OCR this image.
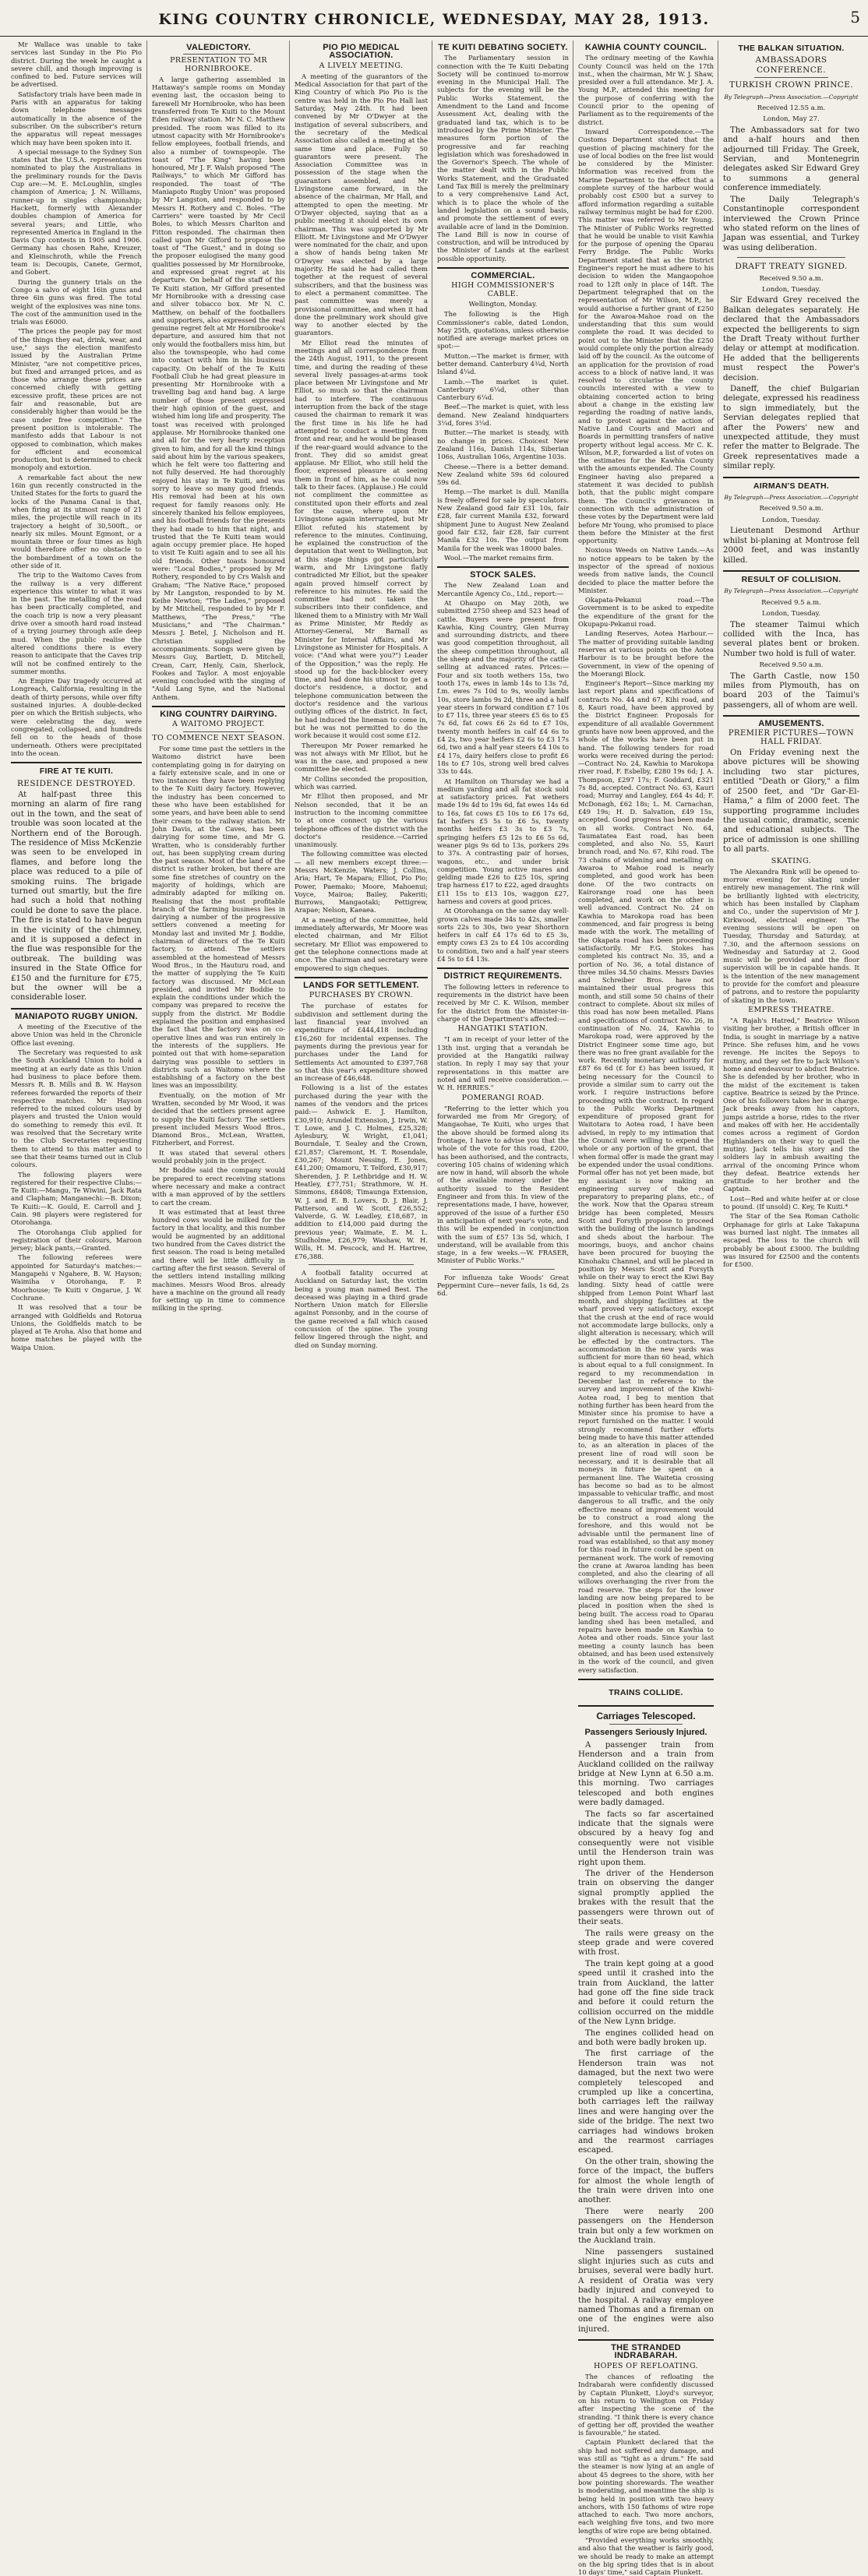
KING COUNTRY CHRONICLE, WEDNESDAY, MAY 28, 1913.	5

Mr Wallace was unable to take services last Sunday in the Pio Pio district. During the week he caught a severe chill, and though improving is confined to bed. Future services will be advertised.

Satisfactory trials have been made in Paris with an apparatus for taking down telephone messages automatically in the absence of the subscriber. On the subscriber's return the apparatus will repeat messages which may have been spoken into it.

A special message to the Sydney Sun states that the U.S.A. representatives nominated to play the Australians in the preliminary rounds for the Davis Cup are:—M. E. McLoughlin, singles champion of America; J. N. Williams, runner-up in singles championship; Hackett, formerly with Alexander doubles champion of America for several years; and Little, who represented America in England in the Davis Cup contests in 1905 and 1906. Germany has chosen Rahe, Kreuzer, and Kleinschroth, while the French team is: Decoupis, Canete, Germot, and Gobert.

During the gunnery trials on the Congo a salvo of eight 16in guns and three 6in guns was fired. The total weight of the explosives was nine tons. The cost of the ammunition used in the trials was £6000.

"The prices the people pay for most of the things they eat, drink, wear, and use," says the election manifesto issued by the Australian Prime Minister, "are not competitive prices, but fixed and arranged prices, and as those who arrange these prices are concerned chiefly with getting excessive profit, these prices are not fair and reasonable, but are considerably higher than would be the case under free competition." The present position is intolerable. The manifesto adds that Labour is not opposed to combination, which makes for efficient and economical production, but is determined to check monopoly and extortion.

A remarkable fact about the new 16in gun recently constructed in the United States for the forts to guard the locks of the Panama Canal is that, when firing at its utmost range of 21 miles, the projectile will reach in its trajectory a height of 30,500ft., or nearly six miles. Mount Egmont, or a mountain three or four times as high would therefore offer no obstacle to the bombardment of a town on the other side of it.

The trip to the Waitomo Caves from the railway is a very different experience this winter to what it was in the past. The metalling of the road has been practically completed, and the coach trip is now a very pleasant drive over a smooth hard road instead of a trying journey through axle deep mud. When the public realise the altered conditions there is every reason to anticipate that the Caves trip will not be confined entirely to the summer months.

An Empire Day tragedy occurred at Longreach, California, resulting in the death of thirty persons, while over fifty sustained injuries. A double-decked pier on which the British subjects, who were celebrating the day, were congregated, collapsed, and hundreds fell on to the heads of those underneath. Others were precipitated into the ocean.

FIRE AT TE KUITI.
RESIDENCE DESTROYED.

At half-past three this morning an alarm of fire rang out in the town, and the seat of trouble was soon located at the Northern end of the Borough. The residence of Miss McKenzie was seen to be enveloped in flames, and before long the place was reduced to a pile of smoking ruins. The brigade turned out smartly, but the fire had such a hold that nothing could be done to save the place. The fire is stated to have begun in the vicinity of the chimney, and it is supposed a defect in the flue was responsible for the outbreak. The building was insured in the State Office for £150 and the furniture for £75, but the owner will be a considerable loser.

MANIAPOTO RUGBY UNION.

A meeting of the Executive of the above Union was held in the Chronicle Office last evening.

The Secretary was requested to ask the South Auckland Union to hold a meeting at an early date as this Union had business to place before them. Messrs R. B. Mills and B. W. Hayson referees forwarded the reports of their respective matches. Mr Hayson referred to the mixed colours used by players and trusted the Union would do something to remedy this evil. It was resolved that the Secretary write to the Club Secretaries requesting them to attend to this matter and to see that their teams turned out in Club colours.

The following players were registered for their respective Clubs:—Te Kuiti:—Mangu, Te Wiwini, Jack Rata and Clapham; Manganechi:—B. Dixon; Te Kuiti:—K. Gould, E. Carroll and J. Cain. 98 players were registered for Otorohanga.

The Otorohanga Club applied for registration of their colours, Maroon jersey; black pants,—Granted.

The following referees were appointed for Saturday's matches:—Mangapehi v Ngahere, B. W. Hayson; Waimiha v Otorohanga, F. P. Moorhouse; Te Kuiti v Ongarue, J. W. Cochrane.

It was resolved that a tour be arranged with Goldfields and Rotorua Unions, the Goldfields match to be played at Te Aroha. Also that home and home matches be played with the Waipa Union.

VALEDICTORY.
PRESENTATION TO MR HORNIBROOKE.

A large gathering assembled in Hattaway's sample rooms on Monday evening last, the occasion being to farewell Mr Hornibrooke, who has been transferred from Te Kuiti to the Mount Eden railway station. Mr N. C. Matthew presided. The room was filled to its utmost capacity with Mr Hornibrooke's fellow employees, football friends, and also a number of townspeople. The toast of "The King" having been honoured, Mr J. F. Walsh proposed "The Railways," to which Mr Gifford has responded. The toast of "The Maniapoto Rugby Union" was proposed by Mr Langston, and responded to by Messrs H. Rothery and C. Boles. "The Carriers" were toasted by Mr Cecil Boles, to which Messrs Charlton and Fitton responded. The chairman then called upon Mr Gifford to propose the toast of "The Guest," and in doing so the proposer eulogised the many good qualities possessed by Mr Hornibrooke, and expressed great regret at his departure. On behalf of the staff of the Te Kuiti station, Mr Gifford presented Mr Hornibrooke with a dressing case and silver tobacco box. Mr N. C. Matthew, on behalf of the footballers and supporters, also expressed the real genuine regret felt at Mr Hornibrooke's departure, and assured him that not only would the footballers miss him, but also the townspeople, who had come into contact with him in his business capacity. On behalf of the Te Kuiti Football Club he had great pleasure in presenting Mr Hornibrooke with a travelling bag and hand bag. A large number of those present expressed their high opinion of the guest, and wished him long life and prosperity. The toast was received with prolonged applause. Mr Hornibrooke thanked one and all for the very hearty reception given to him, and for all the kind things said about him by the various speakers, which he felt were too flattering and not fully deserved. He had thoroughly enjoyed his stay in Te Kuiti, and was sorry to leave so many good friends. His removal had been at his own request for family reasons only. He sincerely thanked his fellow employees, and his football friends for the presents they had made to him that night, and trusted that the Te Kuiti team would again occupy premier place. He hoped to visit Te Kuiti again and to see all his old friends. Other toasts honoured were: "Local Bodies," proposed by Mr Rothery, responded to by Crs Walsh and Graham; "The Native Race," proposed by Mr Langston, responded to by M. Keihe Newton; "The Ladies," proposed by Mr Mitchell, responded to by Mr F. Matthews, "The Press," "The Musicians," and "The Chairman." Messrs J. Betel, J. Nicholson and H. Christian supplied the accompaniments. Songs were given by Messrs Guy, Bartlett, D. Mitchell, Crean, Carr, Henly, Cain, Sherlock, Fookes and Taylor. A most enjoyable evening concluded with the singing of "Auld Lang Syne, and the National Anthem.

KING COUNTRY DAIRYING.
A WAITOMO PROJECT.
TO COMMENCE NEXT SEASON.

For some time past the settlers in the Waitomo district have been contemplating going in for dairying on a fairly extensive scale, and in one or two instances they have been replying to the Te Kuiti dairy factory. However, the industry has been concerned to these who have been established for some years, and have been able to send their cream to the railway station. Mr John Davis, at the Caves, has been dairying for some time, and Mr G. Wratten, who is considerably further out, has been supplying cream during the past season. Most of the land of the district is rather broken, but there are some fine stretches of country on the majority of holdings, which are admirably adapted for milking on. Realising that the most profitable branch of the farming business lies in dairying a number of the progressive settlers convened a meeting for Monday last and invited Mr J. Boddie, chairman of directors of the Te Kuiti factory, to attend. The settlers assembled at the homestead of Messrs Wood Bros., in the Hauturu road, and the matter of supplying the Te Kuiti factory was discussed. Mr McLean presided, and invited Mr Boddie to explain the conditions under which the company was prepared to receive the supply from the district. Mr Boddie explained the position and emphasised the fact that the factory was on co-operative lines and was run entirely in the interests of the suppliers. He pointed out that with home-separation dairying was possible to settlers in districts such as Waitomo where the establishing of a factory on the best lines was an impossibility.

Eventually, on the motion of Mr Wratten, seconded by Mr Wood, it was decided that the settlers present agree to supply the Kuiti factory. The settlers present included Messrs Wood Bros., Diamond Bros., McLean, Wratten, Fitzherbert, and Forrest.

It was stated that several others would probably join in the project.

Mr Boddie said the company would be prepared to erect receiving stations where necessary and make a contract with a man approved of by the settlers to cart the cream.

It was estimated that at least three hundred cows would be milked for the factory in that locality, and this number would be augmented by an additional two hundred from the Caves district the first season. The road is being metalled and there will be little difficulty in carting after the first season. Several of the settlers intend installing milking machines. Messrs Wood Bros. already have a machine on the ground all ready for setting up in time to commence milking in the spring.

PIO PIO MEDICAL ASSOCIATION.
A LIVELY MEETING.

A meeting of the guarantors of the Medical Association for that part of the King Country of which Pio Pio is the centre was held in the Pio Pio Hall last Saturday, May 24th. It had been convened by Mr O'Dwyer at the instigation of several subscribers, and the secretary of the Medical Association also called a meeting at the same time and place. Fully 50 guarantors were present. The Association Committee was in possession of the stage when the guarantors assembled, and Mr Livingstone came forward, in the absence of the chairman, Mr Hall, and attempted to open the meeting. Mr O'Dwyer objected, saying that as a public meeting it should elect its own chairman. This was supported by Mr Elliott. Mr Livingstone and Mr O'Dwyer were nominated for the chair, and upon a show of hands being taken Mr O'Dwyer was elected by a large majority. He said he had called them together at the request of several subscribers, and that the business was to elect a permanent committee. The past committee was merely a provisional committee, and when it had done the preliminary work should give way to another elected by the guarantors.

Mr Elliot read the minutes of meetings and all correspondence from the 24th August, 1911, to the present time, and during the reading of these several lively passages-at-arms took place between Mr Livingstone and Mr Elliot, so much so that the chairman had to interfere. The continuous interruption from the back of the stage caused the chairman to remark it was the first time in his life he had attempted to conduct a meeting from front and rear, and he would be pleased if the rear-guard would advance to the front. They did so amidst great applause. Mr Elliot, who still held the floor, expressed pleasure at seeing them in front of him, as he could now talk to their faces. (Applause.) He could not compliment the committee as constituted upon their efforts and zeal for the cause, where upon Mr Livingstone again interrupted, but Mr Elliot refuted his statement by reference to the minutes. Continuing, he explained the construction of the deputation that went to Wellington, but at this stage things got particularly warm, and Mr Livingstone flatly contradicted Mr Elliot, but the speaker again proved himself correct by reference to his minutes. He said the committee had not taken the subscribers into their confidence, and likened them to a Ministry with Mr Wall as Prime Minister, Mr Reddy as Attorney-General, Mr Barnall as Minister for Internal Affairs, and Mr Livingstone as Minister for Hospitals. A voice: ("And what were you?") Leader of the Opposition," was the reply. He stood up for the back-blocker every time, and had done his utmost to get a doctor's residence, a doctor, and telephone communication between the doctor's residence and the various outlying offices of the district. In fact, he had induced the lineman to come in, but he was not permitted to do the work because it would cost some £12.

Thereupon Mr Power remarked he was not always with Mr Elliot, but he was in the case, and proposed a new committee be elected.

Mr Collins seconded the proposition, which was carried.

Mr Elliot then proposed, and Mr Nelson seconded, that it be an instruction to the incoming committee to at once connect up the various telephone offices of the district with the doctor's residence.—Carried unanimously.

The following committee was elected — all new members except three:—Messrs McKenzie, Waters; J. Collins, Aria; Hart, Te Mapara; Elliot, Pio Pio; Power, Paemako; Moore, Mahoenui; Voyce, Mairoa; Bailey, Pakeriti; Burrows, Mangaotaki; Pettigrew, Arapae; Nelson, Kaeaea.

At a meeting of the committee, held immediately afterwards, Mr Moore was elected chairman, and Mr Elliot secretary. Mr Elliot was empowered to get the telephone connections made at once. The chairman and secretary were empowered to sign cheques.

LANDS FOR SETTLEMENT.
PURCHASES BY CROWN.

The purchase of estates for subdivision and settlement during the last financial year involved an expenditure of £444,418 including £16,260 for incidental expenses. The payments during the previous year for purchases under the Land for Settlements Act amounted to £397,768 so that this year's expenditure showed an increase of £46,648.

Following is a list of the estates purchased during the year with the names of the vendors and the prices paid:— Ashwick E. J. Hamilton, £30,910; Arundel Extension, J. Irwin, W. T. Lowe, and J. C. Holmes, £25,328; Aylesbury, W. Wright, £1,041; Bourndale, T. Sealey and the Crown, £21,857; Claremont, H. T. Rosendale, £30,267; Mount Nessing, E. Jones, £41,200; Omamoru, T. Telford, £30,917; Sherenden, J. P. Lethbridge and H. W. Heatley, £77,751; Strathmore, W. H. Simmons, £8408; Timaunga Extension, W. J. and E. B. Lovers, D. J. Blair, J. Patterson, and W. Scott, £26,552; Valverde, G. W. Leadley, £18,687, in addition to £14,000 paid during the previous year; Waimate, E. M. L. Studholme, £26,979; Washaw, W. H. Wills, H. M. Pescock, and H. Hartree, £76,388.

A football fatality occurred at Auckland on Saturday last, the victim being a young man named Best. The deceased was playing in a third grade Northern Union match for Ellerslie against Ponsonby, and in the course of the game received a fall which caused concussion of the spine. The young fellow lingered through the night, and died on Sunday morning.

TE KUITI DEBATING SOCIETY.

The Parliamentary session in connection with the Te Kuiti Debating Society will be continued to-morrow evening in the Municipal Hall. The subjects for the evening will be the Public Works Statement, the Amendment to the Land and Income Assessment Act, dealing with the graduated land tax, which is to be introduced by the Prime Minister. The measures form portion of the progressive and far reaching legislation which was foreshadowed in the Governor's Speech. The whole of the matter dealt with in the Public Works Statement, and the Graduated Land Tax Bill is merely the preliminary to a very comprehensive Land Act, which is to place the whole of the landed legislation on a sound basis, and promote the settlement of every available acre of land in the Dominion. The Land Bill is now in course of construction, and will be introduced by the Minister of Lands at the earliest possible opportunity.

COMMERCIAL.
HIGH COMMISSIONER'S CABLE.
Wellington, Monday.

The following is the High Commissioner's cable, dated London, May 25th, quotations, unless otherwise notified are average market prices on spot:—

Mutton.—The market is firmer, with better demand. Canterbury 4¾d, North Island 4¼d.

Lamb.—The market is quiet. Canterbury 6¼d, other than Canterbury 6¼d.

Beef.—The market is quiet, with less demand. New Zealand hindquarters 3¼d, fores 3¼d.

Butter.—The market is steady, with no change in prices. Choicest New Zealand 116s, Danish 114s, Siberian 106s, Australian 106s, Argentine 103s.

Cheese.—There is a better demand. New Zealand white 59s 6d coloured 59s 6d.

Hemp.—The market is dull. Manilla is freely offered for sale by speculators. New Zealand good fair £31 10s, fair £28, fair current Manila £32, forward shipment June to August New Zealand good fair £32, fair £28, fair current Manila £32 10s. The output from Manila for the week was 18000 bales.

Wool.—The market remains firm.

STOCK SALES.

The New Zealand Loan and Mercantile Agency Co., Ltd., report:—

At Ohaupo on May 20th, we submitted 2750 sheep and 523 head of cattle. Buyers were present from Kawhia, King Country, Glen Murray and surrounding districts, and there was good competition throughout, all the sheep competition throughout, all the sheep and the majority of the cattle selling at advanced rates. Prices:—Four and six tooth wethers 15s, two tooth 17s, ewes in lamb 14s to 13s 7d, f.m. ewes 7s 10d to 9s, woolly lambs 10s, store lambs 9s 2d, three and a half year steers in forward condition £7 10s to £7 11s, three year steers £5 6s to £5 7s 6d, fat cows £6 2s 6d to £7 10s, twenty month heifers in calf £4 6s to £4 2s, two year heifers £2 6s to £3 17s 6d, two and a half year steers £4 10s to £4 17s, dairy heifers close to profit £6 18s to £7 10s, strong well bred calves 33s to 44s.

At Hamilton on Thursday we had a medium yarding and all fat stock sold at satisfactory prices. Fat wethers made 19s 4d to 19s 6d, fat ewes 14s 6d to 16s, fat cows £5 10s to £6 17s 6d, fat heifers £5 5s to £6 5s, twenty months heifers £3 3s to £3 7s, springing heifers £5 12s to £6 5s 6d, weaner pigs 9s 6d to 13s, porkers 29s to 37s. A contrasting pair of horses, wagons, etc., and under brisk competition. Young active mares and gelding made £26 to £25 10s, spring trap harness £17 to £22, aged draughts £11 15s to £13 10s, waggon £27, harness and covers at good prices.

At Otorohanga on the same day well-grown calves made 34s to 42s, smaller sorts 22s to 30s, two year Shorthorn heifers in calf £4 17s 6d to £5 3s, empty cows £3 2s to £4 10s according to condition, two and a half year steers £4 5s to £4 13s.

DISTRICT REQUIREMENTS.

The following letters in reference to requirements in the district have been received by Mr C. K. Wilson, member for the district from the Minister-in-charge of the Department's affected:—

HANGATIKI STATION.

"I am in receipt of your letter of the 13th inst. urging that a verandah be provided at the Hangatiki railway station. In reply I may say that your representations in this matter are noted and will receive consideration.—W. H. HERRIES."

POMERANGI ROAD.

"Referring to the letter which you forwarded me from Mr Gregory, of Mangaohae, Te Kuiti, who urges that the above should be formed along its frontage, I have to advise you that the whole of the vote for this road, £200, has been authorised, and the contracts, covering 105 chains of widening which are now in hand, will absorb the whole of the available money under the authority issued to the Resident Engineer and from this. In view of the representations made, I have, however, approved of the issue of a further £50 in anticipation of next year's vote, and this will be expended in conjunction with the sum of £57 13s 5d, which, I understand, will be available from this stage, in a few weeks.—W. FRASER, Minister of Public Works."

For influenza take Woods' Great Peppermint Cure—never fails, 1s 6d, 2s 6d.

KAWHIA COUNTY COUNCIL.

The ordinary meeting of the Kawhia County Council was held on the 17th inst., when the chairman, Mr W. J. Shaw, presided over a full attendance. Mr J. A. Young M.P., attended this meeting for the purpose of conferring with the Council prior to the opening of Parliament as to the requirements of the district.

Inward Correspondence.—The Customs Department stated that the question of placing machinery for the use of local bodies on the free list would be considered by the Minister. Information was received from the Marine Department to the effect that a complete survey of the harbour would probably cost £500 but a survey to afford information regarding a suitable railway terminus might be had for £200. This matter was referred to Mr Young. The Minister of Public Works regretted that he would be unable to visit Kawhia for the purpose of opening the Oparau Ferry Bridge. The Public Works Department stated that as the District Engineer's report he must adhere to his decision to widen the Mangaopohoe road to 12ft only in place of 14ft. The Department telegraphed that on the representation of Mr Wilson, M.P., he would authorise a further grant of £250 for the Awaroa-Mahoe road on the understanding that this sum would complete the road. It was decided to point out to the Minister that the £250 would complete only the portion already laid off by the council. As the outcome of an application for the provision of road access to a block of native land, it was resolved to circularise the county councils interested with a view to obtaining concerted action to bring about a change in the existing law regarding the roading of native lands, and to protest against the action of Native Land Courts and Maori and Boards in permitting transfers of native property without legal access. Mr C. K. Wilson, M.P., forwarded a list of votes on the estimates for the Kawhia County with the amounts expended. The County Engineer having also prepared a statement it was decided to publish both, that the public might compare them. The Council's grievances in connection with the administration of these votes by the Department were laid before Mr Young, who promised to place them before the Minister at the first opportunity.

Noxious Weeds on Native Lands.—As no notice appears to be taken by the inspector of the spread of noxious weeds from native lands, the Council decided to place the matter before the Minister.

Okapata-Pekanui road.—The Government is to be asked to expedite the expenditure of the grant for the Okupapu-Pekanui road.

Landing Reserves, Aotea Harbour.—The matter of providing suitable landing reserves at various points on the Aotea Harbour is to be brought before the Government, in view of the opening of the Moerangi Block.

Engineer's Report—Since marking my last report plans and specifications of contracts No. 44 and 67, Kihi road, and 8, Kauri road, have been approved by the District Engineer. Proposals for expenditure of all available Government grants have now been approved, and the whole of the works have been put in hand. The following tenders for road works were received during the period:—Contract No. 24, Kawhia to Marokopa river road, F. Esbelby, £280 19s 6d; J. A. Thompson, £297 17s; F. Goddard, £321 7s 8d, accepted. Contract No. 63, Kauri road; Murray and Langley, £64 4s 4d; F. McDonagh, £62 18s; L. M. Carnachan, £49 19s; H. D. Salvation, £49 15s, accepted. Good progress has been made on all works. Contract No. 64, Taumatatea East road, has been completed, and also No. 55, Kauri branch road, and No. 67, Kihi road. The 73 chains of widening and metalling on Awaroa to Mahoe road is nearly completed, and good work has been done. Of the two contracts on Kairorange road one has been completed, and work on the other is well advanced. Contract No. 24 on Kawhia to Marokopa road has been commenced, and fair progress is being made with the work. The metalling of the Okapata road has been proceeding satisfactorily. Mr F.G. Stokes has completed his contract No. 35, and a portion of No. 36, a total distance of three miles 34.50 chains. Messrs Davies and Schreiber Bros. have not maintained their usual progress this month, and still some 50 chains of their contract to complete. About six miles of this road has now been metalled. Plans and specifications of contract No. 26, in continuation of No. 24, Kawhia to Marokopa road, were approved by the District Engineer some time ago, but there was no free grant available for the work. Recently monetary authority for £87 6s 6d (£ for £) has been issued, it being necessary for the Council to provide a similar sum to carry out the work. I require instructions before proceeding with the contract. In regard to the Public Works Department expenditure of proposed grant for Waitotara to Aotea road, I have been advised, in reply to my intimation that the Council were willing to expend the whole or any portion of the grant, that when formal offer is made the grant may be expended under the usual conditions. Formal offer has not yet been made, but my assistant is now making an engineering survey of the road preparatory to preparing plans, etc., of the work. Now that the Oparau stream bridge has been completed, Messrs Scott and Forsyth propose to proceed with the building of the launch landings and sheds about the harbour. The moorings, buoys, and anchor chains have been procured for buoying the Kinohaku Channel, and will be placed in position by Messrs Scott and Forsyth while on their way to erect the Kiwi Bay landing. Sixty head of cattle were shipped from Lemon Point Wharf last month, and shipping facilities at the wharf proved very satisfactory, except that the crush at the end of race would not accommodate large bullocks, only a slight alteration is necessary, which will be effected by the contractors. The accommodation in the new yards was sufficient for more than 60 head, which is about equal to a full consignment. In regard to my recommendation in December last in reference to the survey and improvement of the Kiwhi-Aotea road, I beg to mention that nothing further has been heard from the Minister since his promise to have a report furnished on the matter. I would strongly recommend further efforts being made to have this matter attended to, as an alteration in places of the present line of road will soon be necessary, and it is desirable that all moneys in future be spent on a permanent line. The Waitetia crossing has become so bad as to be almost impassable to vehicular traffic, and most dangerous to all traffic, and the only effective means of improvement would be to construct a road along the foreshore, and this would not be advisable until the permanent line of road was established, so that any money for this road in future could be spent on permanent work. The work of removing the crane at Awaroa landing has been completed, and also the clearing of all willows overhanging the river from the road reserve. The steps for the lower landing are now being prepared to be placed in position when the shed is being built. The access road to Oparau landing shed has been metalled, and repairs have been made on Kawhia to Aotea and other roads. Since your last meeting a county launch has been obtained, and has been used extensively in the work of the council, and given every satisfaction.

TRAINS COLLIDE.
Carriages Telescoped.
Passengers Seriously Injured.

A passenger train from Henderson and a train from Auckland collided on the railway bridge at New Lynn at 6.50 a.m. this morning. Two carriages telescoped and both engines were badly damaged.

The facts so far ascertained indicate that the signals were obscured by a heavy fog and consequently were not visible until the Henderson train was right upon them.

The driver of the Henderson train on observing the danger signal promptly applied the brakes with the result that the passengers were thrown out of their seats.

The rails were greasy on the steep grade and were covered with frost.

The train kept going at a good speed until it crashed into the train from Auckland, the latter had gone off the fine side track and before it could return the collision occurred on the middle of the New Lynn bridge.

The engines collided head on and both were badly broken up.

The first carriage of the Henderson train was not damaged, but the next two were completely telescoped and crumpled up like a concertina, both carriages left the railway lines and were hanging over the side of the bridge. The next two carriages had windows broken and the rearmost carriages escaped.

On the other train, showing the force of the impact, the buffers for almost the whole length of the train were driven into one another.

There were nearly 200 passengers on the Henderson train but only a few workmen on the Auckland train.

Nine passengers sustained slight injuries such as cuts and bruises, several were badly hurt. A resident of Oratia was very badly injured and conveyed to the hospital. A railway employee named Thomas and a fireman on one of the engines were also injured.

THE STRANDED INDRABARAH.
HOPES OF REFLOATING.

The chances of refloating the Indrabarah were confidently discussed by Captain Plunkett, Lloyd's surveyor, on his return to Wellington on Friday after inspecting the scene of the stranding. "I think there is every chance of getting her off, provided the weather is favourable," he stated.

Captain Plunkett declared that the ship had not suffered any damage, and was still as "tight as a drum." He said the steamer is now lying at an angle of about 45 degrees to the shore, with her bow pointing shorewards. The weather is moderating, and meantime the ship is being held in position with two heavy anchors, with 150 fathoms of wire rope attached to each. Two more anchors, each weighing five tons, and two more lengths of wire rope are being obtained.

"Provided everything works smoothly, and also that the weather is fairly good, we should be ready to make an attempt on the big spring tides that is in about 10 days' time," said Captain Plunkett.

THE BALKAN SITUATION.
AMBASSADORS CONFERENCE.
TURKISH CROWN PRINCE.
By Telegraph—Press Association.—Copyright
Received 12.55 a.m.
London, May 27.

The Ambassadors sat for two and a-half hours and then adjourned till Friday. The Greek, Servian, and Montenegrin delegates asked Sir Edward Grey to summons a general conference immediately.

The Daily Telegraph's Constantinople correspondent interviewed the Crown Prince who stated reform on the lines of Japan was essential, and Turkey was using deliberation.

DRAFT TREATY SIGNED.
Received 9.50 a.m.
London, Tuesday.

Sir Edward Grey received the Balkan delegates separately. He declared that the Ambassadors expected the belligerents to sign the Draft Treaty without further delay or attempt at modification. He added that the belligerents must respect the Power's decision.

Daneff, the chief Bulgarian delegate, expressed his readiness to sign immediately, but the Servian delegates replied that after the Powers' new and unexpected attitude, they must refer the matter to Belgrade. The Greek representatives made a similar reply.

AIRMAN'S DEATH.
By Telegraph—Press Association.—Copyright
Received 9.50 a.m.
London, Tuesday.

Lieutenant Desmond Arthur whilst bi-planing at Montrose fell 2000 feet, and was instantly killed.

RESULT OF COLLISION.
By Telegraph—Press Association.—Copyright
Received 9.5 a.m.
London, Tuesday.

The steamer Taimui which collided with the Inca, has several plates bent or broken. Number two hold is full of water.

Received 9.50 a.m.

The Garth Castle, now 150 miles from Plymouth, has on board 203 of the Taimui's passengers, all of whom are well.

AMUSEMENTS.
PREMIER PICTURES—TOWN HALL FRIDAY.

On Friday evening next the above pictures will be showing including two star pictures, entitled "Death or Glory," a film of 2500 feet, and "Dr Gar-El-Hama," a film of 2000 feet. The supporting programme includes the usual comic, dramatic, scenic and educational subjects. The price of admission is one shilling to all parts.

SKATING.

The Alexandra Rink will be opened to-morrow evening for skating under entirely new management. The rink will be brilliantly lighted with electricity, which has been installed by Clapham and Co., under the supervision of Mr J. Kirkwood, electrical engineer. The evening sessions will be open on Tuesday, Thursday and Saturday, at 7.30, and the afternoon sessions on Wednesday and Saturday at 2. Good music will be provided and the floor supervision will be in capable hands. It is the intention of the new management to provide for the comfort and pleasure of patrons, and to restore the popularity of skating in the town.

EMPRESS THEATRE.

"A Rajah's Hatred," Beatrice Wilson visiting her brother, a British officer in India, is sought in marriage by a native Prince. She refuses him, and he vows revenge. He incites the Sepoys to mutiny, and they set fire to Jack Wilson's home and endeavour to abduct Beatrice. She is defended by her brother, who in the midst of the excitement is taken captive. Beatrice is seized by the Prince. One of his followers takes her in charge. Jack breaks away from his captors, jumps astride a horse, rides to the river and makes off with her. He accidentally comes across a regiment of Gordon Highlanders on their way to quell the mutiny. Jack tells his story and the soldiers lay in ambush awaiting the arrival of the oncoming Prince whom they defeat. Beatrice extends her gratitude to her brother and the Captain.

Lost—Red and white heifer at or close to pound. (If unsold) C. Key, Te Kuiti.*

The Star of the Sea Roman Catholic Orphanage for girls at Lake Takapuna was burned last night. The inmates all escaped. The loss to the church will probably be about £3000. The building was insured for £2500 and the contents for £500.
